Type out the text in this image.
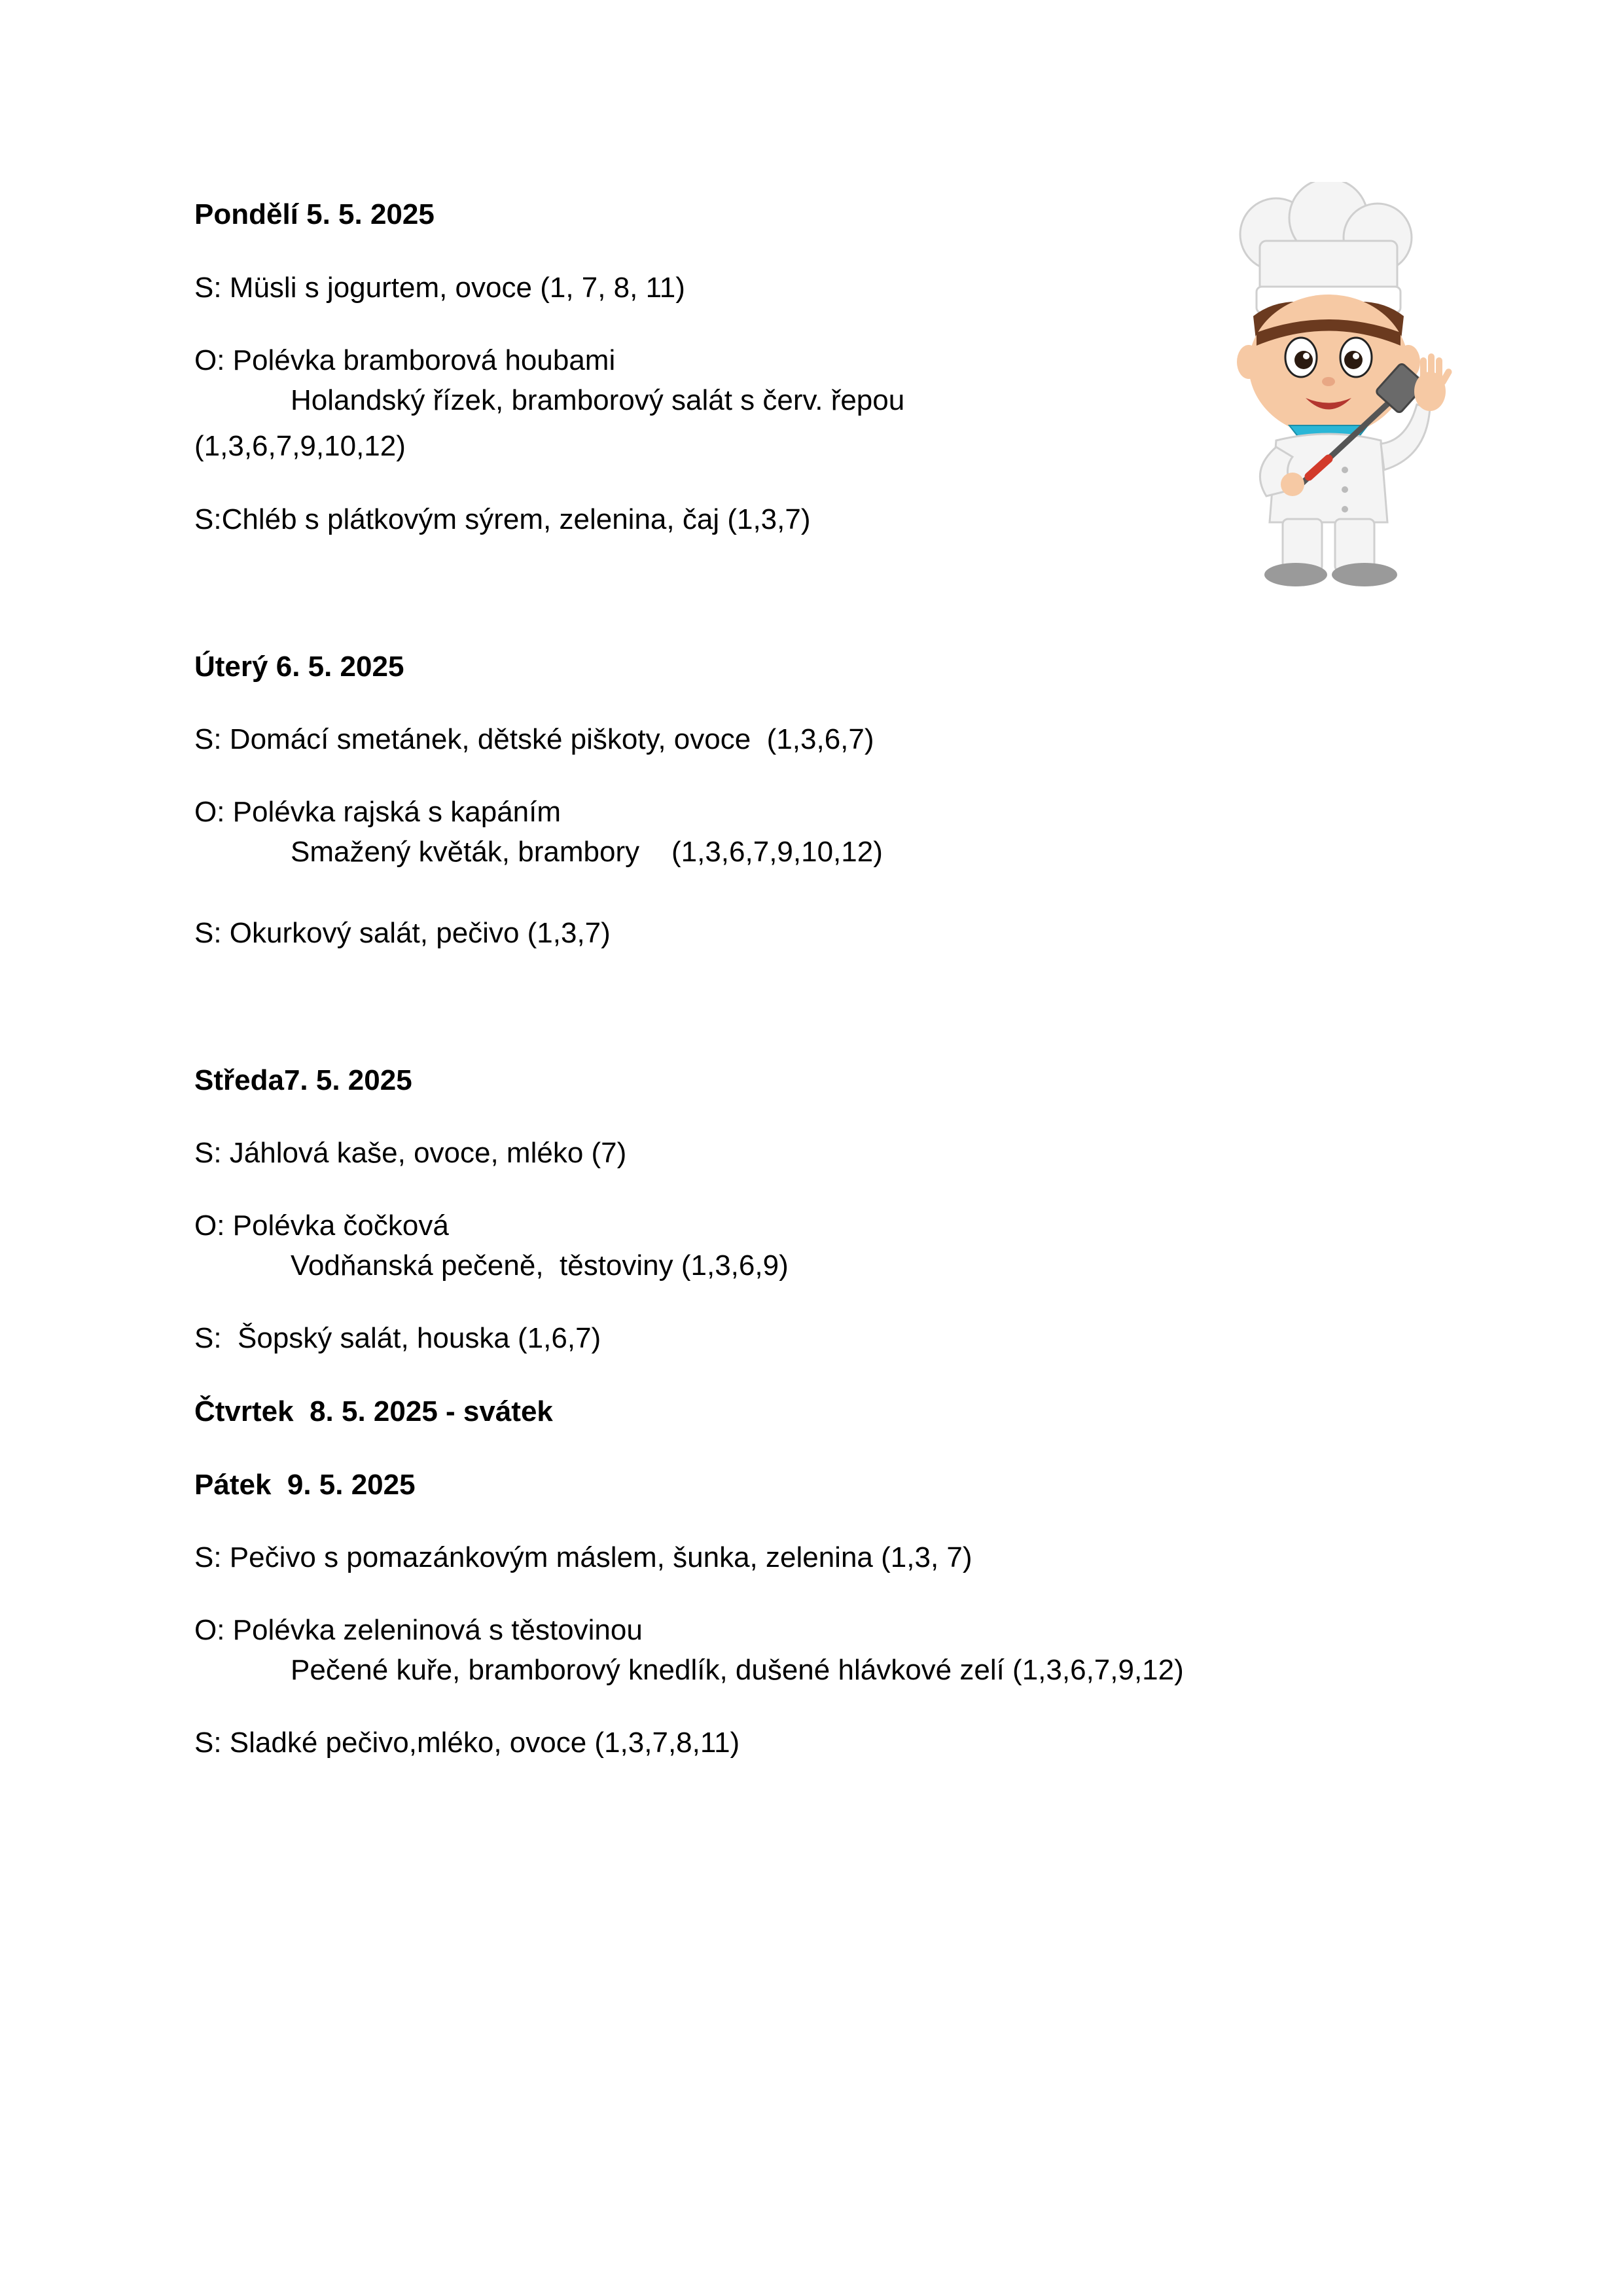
Pondělí 5. 5. 2025
S: Müsli s jogurtem, ovoce (1, 7, 8, 11)
O: Polévka bramborová houbami
Holandský řízek, bramborový salát s červ. řepou
(1,3,6,7,9,10,12)
S:Chléb s plátkovým sýrem, zelenina, čaj (1,3,7)
Úterý 6. 5. 2025
S: Domácí smetánek, dětské piškoty, ovoce  (1,3,6,7)
O: Polévka rajská s kapáním
Smažený květák, brambory    (1,3,6,7,9,10,12)
S: Okurkový salát, pečivo (1,3,7)
Středa7. 5. 2025
S: Jáhlová kaše, ovoce, mléko (7)
O: Polévka čočková
Vodňanská pečeně,  těstoviny (1,3,6,9)
S:  Šopský salát, houska (1,6,7)
Čtvrtek  8. 5. 2025 - svátek
Pátek  9. 5. 2025
S: Pečivo s pomazánkovým máslem, šunka, zelenina (1,3, 7)
O: Polévka zeleninová s těstovinou
Pečené kuře, bramborový knedlík, dušené hlávkové zelí (1,3,6,7,9,12)
S: Sladké pečivo,mléko, ovoce (1,3,7,8,11)
